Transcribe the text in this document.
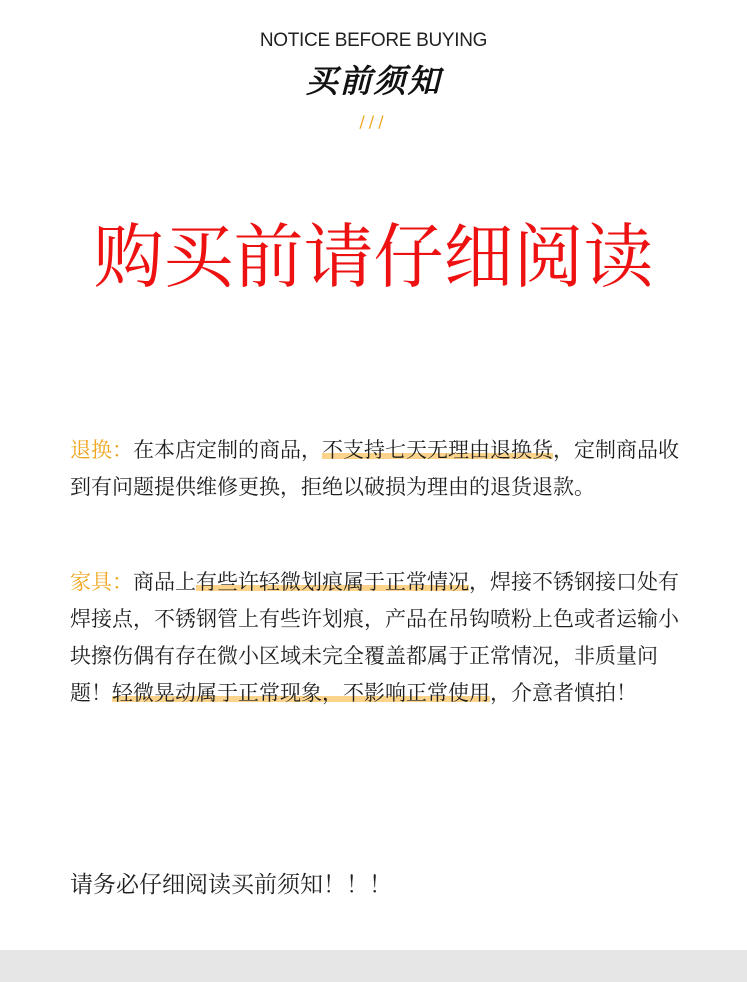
NOTICE BEFORE BUYING
买前须知
///
购买前请仔细阅读
退换：在本店定制的商品，不支持七天无理由退换货，定制商品收到有问题提供维修更换，拒绝以破损为理由的退货退款。
家具：商品上有些许轻微划痕属于正常情况，焊接不锈钢接口处有焊接点，不锈钢管上有些许划痕，产品在吊钩喷粉上色或者运输小块擦伤偶有存在微小区域未完全覆盖都属于正常情况，非质量问题！轻微晃动属于正常现象，不影响正常使用，介意者慎拍！
请务必仔细阅读买前须知！！！
